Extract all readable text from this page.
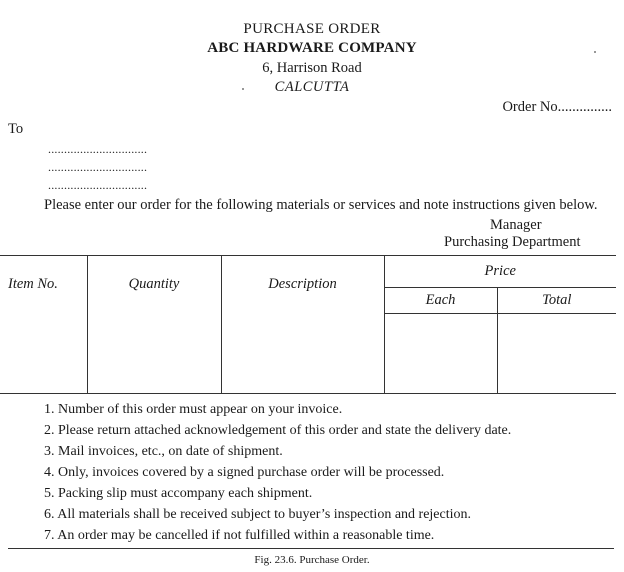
PURCHASE ORDER
ABC HARDWARE COMPANY
6, Harrison Road
CALCUTTA
Order No...............
To
...............................
...............................
...............................
Please enter our order for the following materials or services and note instructions given below.
Manager
Purchasing Department
Item No.	Quantity	Description	Price	
			Each	Total

1. Number of this order must appear on your invoice.
2. Please return attached acknowledgement of this order and state the delivery date.
3. Mail invoices, etc., on date of shipment.
4. Only, invoices covered by a signed purchase order will be processed.
5. Packing slip must accompany each shipment.
6. All materials shall be received subject to buyer’s inspection and rejection.
7. An order may be cancelled if not fulfilled within a reasonable time.
Fig. 23.6. Purchase Order.
